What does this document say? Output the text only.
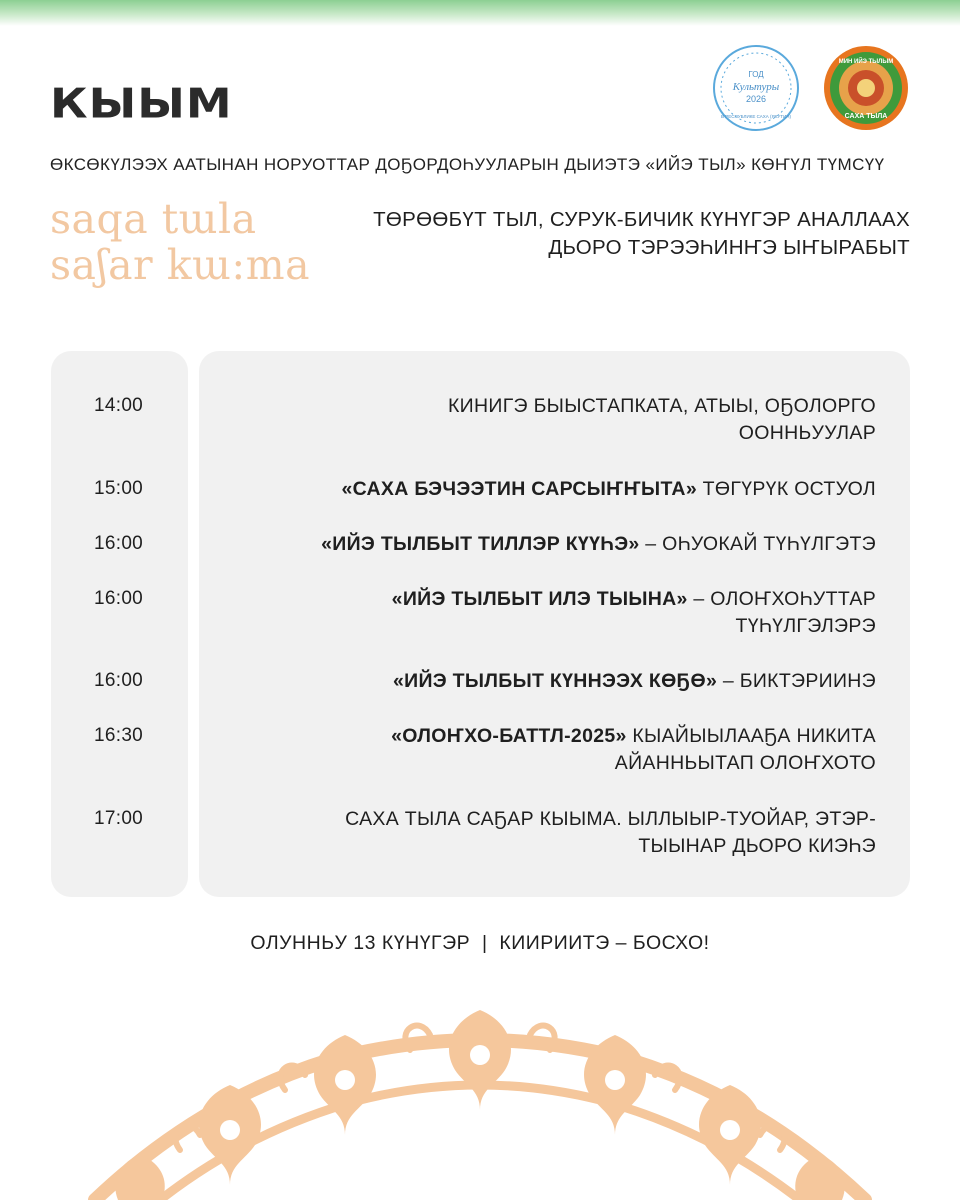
КЫЫМ
ГОД
Культуры
2026
В РЕСПУБЛИКЕ САХА (ЯКУТИЯ)
МИН ИЙЭ ТЫЛЫМ
САХА ТЫЛА
ӨКСӨКҮЛЭЭХ ААТЫНАН НОРУОТТАР ДОҔОРДОҺУУЛАРЫН ДЫИЭТЭ «ИЙЭ ТЫЛ» КӨҤҮЛ ТҮМСҮҮ
saqa tɯla
saʃar kɯ:ma
ТӨРӨӨБҮТ ТЫЛ, СУРУК-БИЧИК КҮНҮГЭР АНАЛЛААХ
ДЬОРО ТЭРЭЭҺИНҤЭ ЫҤЫРАБЫТ
14:00	КИНИГЭ БЫЫСТАПКАТА, АТЫЫ, ОҔОЛОРГО
ООННЬУУЛАР
15:00	«САХА БЭЧЭЭТИН САРСЫҤҤЫТА» ТӨГҮРҮК ОСТУОЛ
16:00	«ИЙЭ ТЫЛБЫТ ТИЛЛЭР КҮҮҺЭ» – ОҺУОКАЙ ТҮҺҮЛГЭТЭ
16:00	«ИЙЭ ТЫЛБЫТ ИЛЭ ТЫЫНА» – ОЛОҤХОҺУТТАР
ТҮҺҮЛГЭЛЭРЭ
16:00	«ИЙЭ ТЫЛБЫТ КҮННЭЭХ КӨҔӨ» – БИКТЭРИИНЭ
16:30	«ОЛОҤХО-БАТТЛ-2025» КЫАЙЫЫЛААҔА НИКИТА
АЙАННЬЫТАП ОЛОҤХОТО
17:00	САХА ТЫЛА САҔАР КЫЫМА. ЫЛЛЫЫР-ТУОЙАР, ЭТЭР-
ТЫЫНАР ДЬОРО КИЭҺЭ
ОЛУННЬУ 13 КҮНҮГЭР  |  КИИРИИТЭ – БОСХО!
